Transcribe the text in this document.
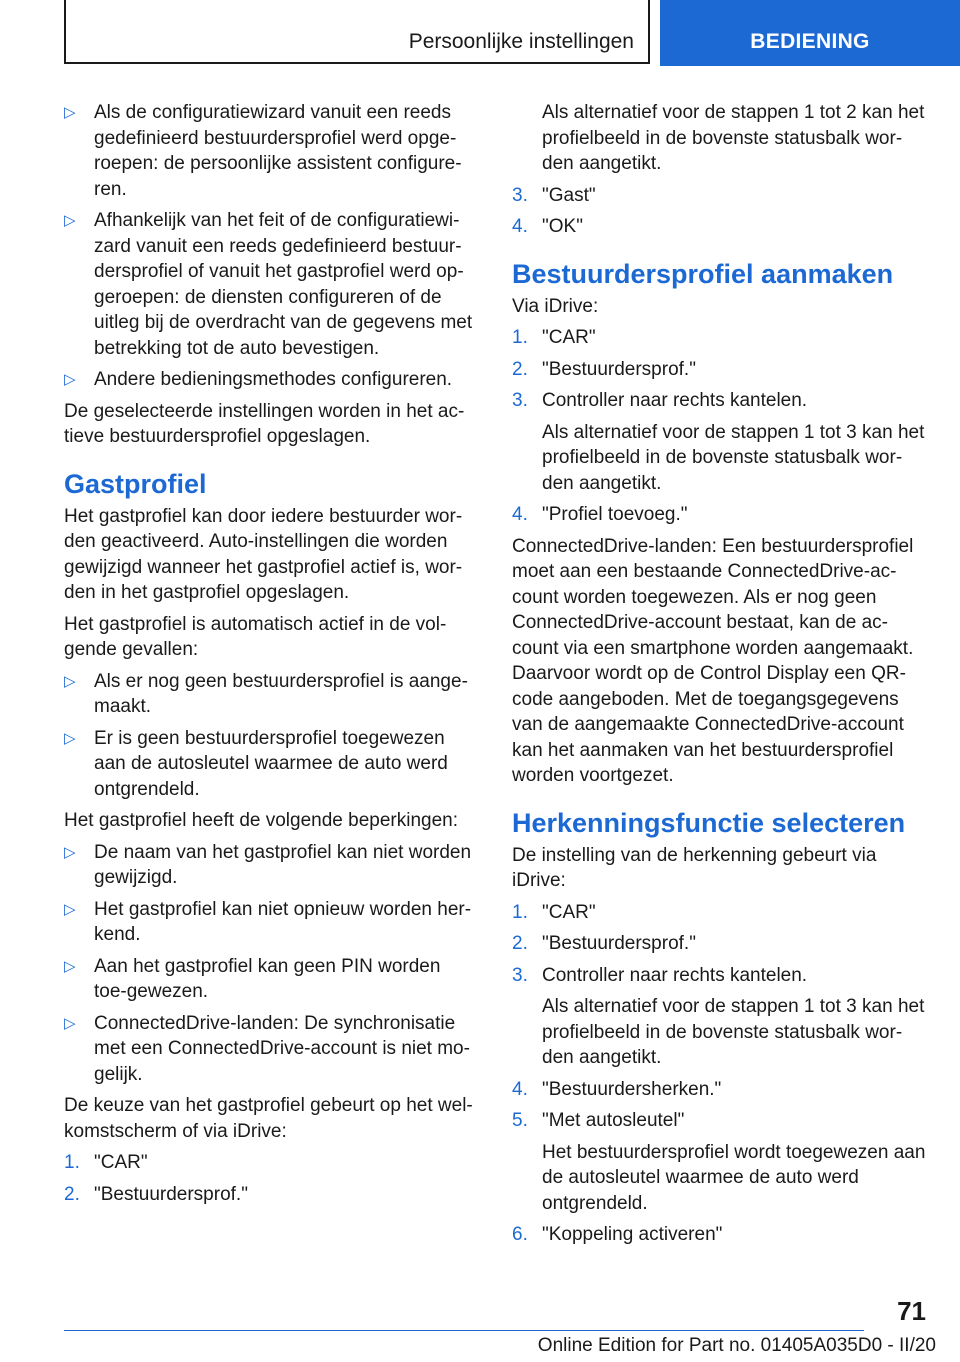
Persoonlijke instellingen	BEDIENING
▷ Als de configuratiewizard vanuit een reeds gedefinieerd bestuurdersprofiel werd opge-roepen: de persoonlijke assistent configure-ren.
▷ Afhankelijk van het feit of de configuratiewi-zard vanuit een reeds gedefinieerd bestuur-dersprofiel of vanuit het gastprofiel werd op-geroepen: de diensten configureren of de uitleg bij de overdracht van de gegevens met betrekking tot de auto bevestigen.
▷ Andere bedieningsmethodes configureren.

De geselecteerde instellingen worden in het ac-tieve bestuurdersprofiel opgeslagen.

Gastprofiel

Het gastprofiel kan door iedere bestuurder wor-den geactiveerd. Auto-instellingen die worden gewijzigd wanneer het gastprofiel actief is, wor-den in het gastprofiel opgeslagen.

Het gastprofiel is automatisch actief in de vol-gende gevallen:

▷ Als er nog geen bestuurdersprofiel is aange-maakt.
▷ Er is geen bestuurdersprofiel toegewezen aan de autosleutel waarmee de auto werd ontgrendeld.

Het gastprofiel heeft de volgende beperkingen:

▷ De naam van het gastprofiel kan niet worden gewijzigd.
▷ Het gastprofiel kan niet opnieuw worden her-kend.
▷ Aan het gastprofiel kan geen PIN worden toe-gewezen.
▷ ConnectedDrive-landen: De synchronisatie met een ConnectedDrive-account is niet mo-gelijk.

De keuze van het gastprofiel gebeurt op het wel-komstscherm of via iDrive:

1. "CAR"
2. "Bestuurdersprof."
Als alternatief voor de stappen 1 tot 2 kan het profielbeeld in de bovenste statusbalk wor-den aangetikt.
3. "Gast"
4. "OK"
Bestuurdersprofiel aanmaken

Via iDrive:

1. "CAR"
2. "Bestuurdersprof."
3. Controller naar rechts kantelen.
Als alternatief voor de stappen 1 tot 3 kan het profielbeeld in de bovenste statusbalk wor-den aangetikt.
4. "Profiel toevoeg."

ConnectedDrive-landen: Een bestuurdersprofiel moet aan een bestaande ConnectedDrive-ac-count worden toegewezen. Als er nog geen ConnectedDrive-account bestaat, kan de ac-count via een smartphone worden aangemaakt. Daarvoor wordt op de Control Display een QR-code aangeboden. Met de toegangsgegevens van de aangemaakte ConnectedDrive-account kan het aanmaken van het bestuurdersprofiel worden voortgezet.

Herkenningsfunctie selecteren

De instelling van de herkenning gebeurt via iDrive:

1. "CAR"
2. "Bestuurdersprof."
3. Controller naar rechts kantelen.
Als alternatief voor de stappen 1 tot 3 kan het profielbeeld in de bovenste statusbalk wor-den aangetikt.
4. "Bestuurdersherken."
5. "Met autosleutel"
Het bestuurdersprofiel wordt toegewezen aan de autosleutel waarmee de auto werd ontgrendeld.
6. "Koppeling activeren"
71
Online Edition for Part no. 01405A035D0 - II/20
